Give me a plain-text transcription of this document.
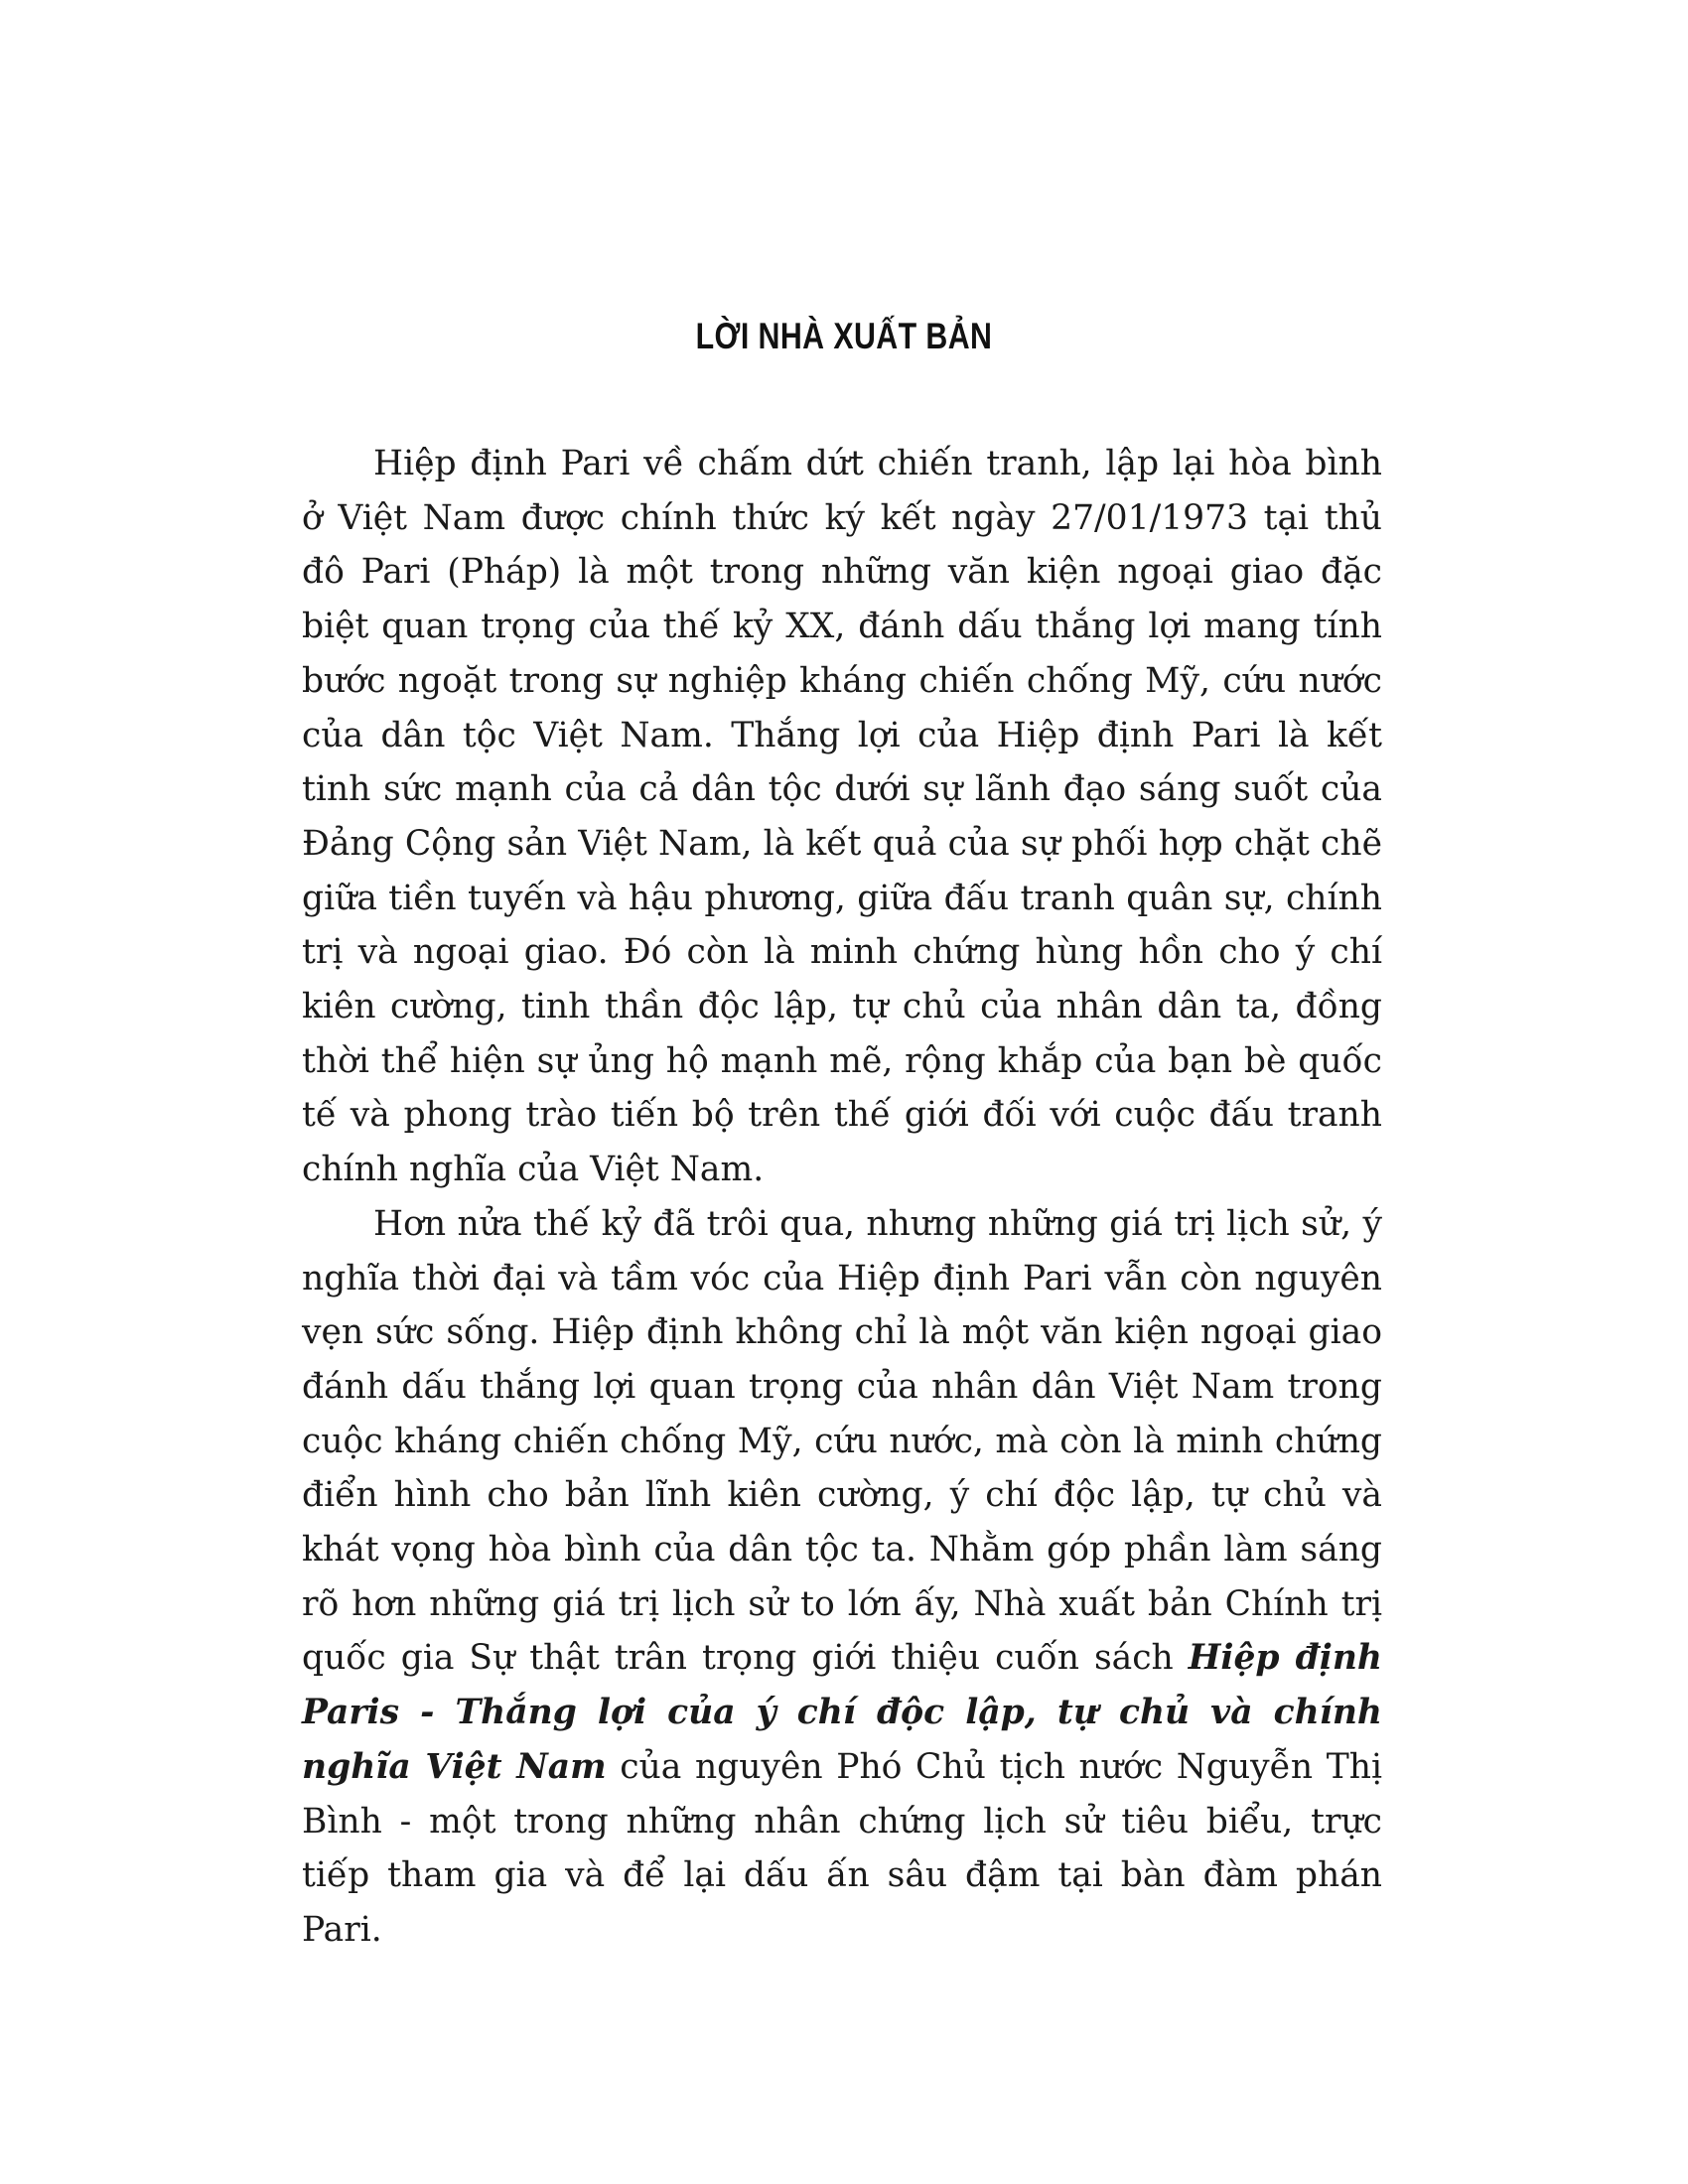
LỜI NHÀ XUẤT BẢN

Hiệp định Pari về chấm dứt chiến tranh, lập lại hòa bình ở Việt Nam được chính thức ký kết ngày 27/01/1973 tại thủ đô Pari (Pháp) là một trong những văn kiện ngoại giao đặc biệt quan trọng của thế kỷ XX, đánh dấu thắng lợi mang tính bước ngoặt trong sự nghiệp kháng chiến chống Mỹ, cứu nước của dân tộc Việt Nam. Thắng lợi của Hiệp định Pari là kết tinh sức mạnh của cả dân tộc dưới sự lãnh đạo sáng suốt của Đảng Cộng sản Việt Nam, là kết quả của sự phối hợp chặt chẽ giữa tiền tuyến và hậu phương, giữa đấu tranh quân sự, chính trị và ngoại giao. Đó còn là minh chứng hùng hồn cho ý chí kiên cường, tinh thần độc lập, tự chủ của nhân dân ta, đồng thời thể hiện sự ủng hộ mạnh mẽ, rộng khắp của bạn bè quốc tế và phong trào tiến bộ trên thế giới đối với cuộc đấu tranh chính nghĩa của Việt Nam.

Hơn nửa thế kỷ đã trôi qua, nhưng những giá trị lịch sử, ý nghĩa thời đại và tầm vóc của Hiệp định Pari vẫn còn nguyên vẹn sức sống. Hiệp định không chỉ là một văn kiện ngoại giao đánh dấu thắng lợi quan trọng của nhân dân Việt Nam trong cuộc kháng chiến chống Mỹ, cứu nước, mà còn là minh chứng điển hình cho bản lĩnh kiên cường, ý chí độc lập, tự chủ và khát vọng hòa bình của dân tộc ta. Nhằm góp phần làm sáng rõ hơn những giá trị lịch sử to lớn ấy, Nhà xuất bản Chính trị quốc gia Sự thật trân trọng giới thiệu cuốn sách Hiệp định Paris - Thắng lợi của ý chí độc lập, tự chủ và chính nghĩa Việt Nam của nguyên Phó Chủ tịch nước Nguyễn Thị Bình - một trong những nhân chứng lịch sử tiêu biểu, trực tiếp tham gia và để lại dấu ấn sâu đậm tại bàn đàm phán Pari.
